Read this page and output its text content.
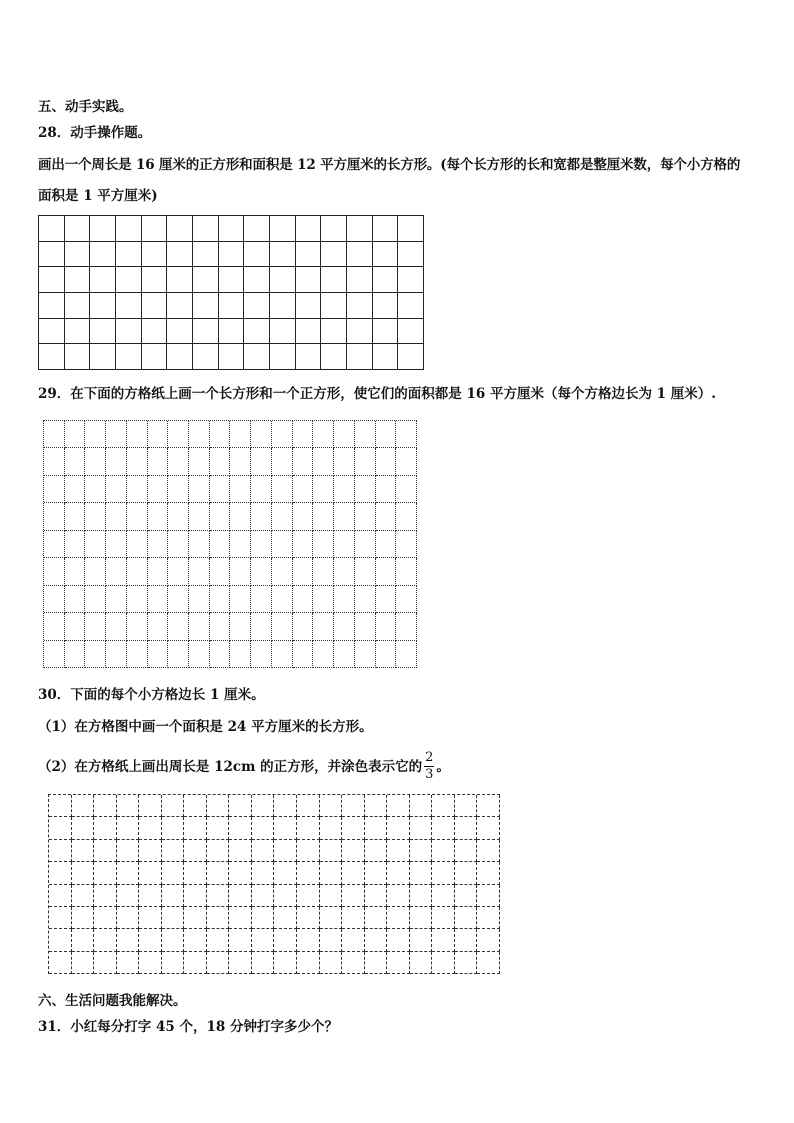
五、动手实践。
28．动手操作题。
画出一个周长是 16 厘米的正方形和面积是 12 平方厘米的长方形。(每个长方形的长和宽都是整厘米数，每个小方格的
面积是 1 平方厘米)
29．在下面的方格纸上画一个长方形和一个正方形，使它们的面积都是 16 平方厘米（每个方格边长为 1 厘米）.
30．下面的每个小方格边长 1 厘米。
（1）在方格图中画一个面积是 24 平方厘米的长方形。
（2）在方格纸上画出周长是 12cm 的正方形，并涂色表示它的 $\frac{2}{3}$ 。
六、生活问题我能解决。
31．小红每分打字 45 个，18 分钟打字多少个？
